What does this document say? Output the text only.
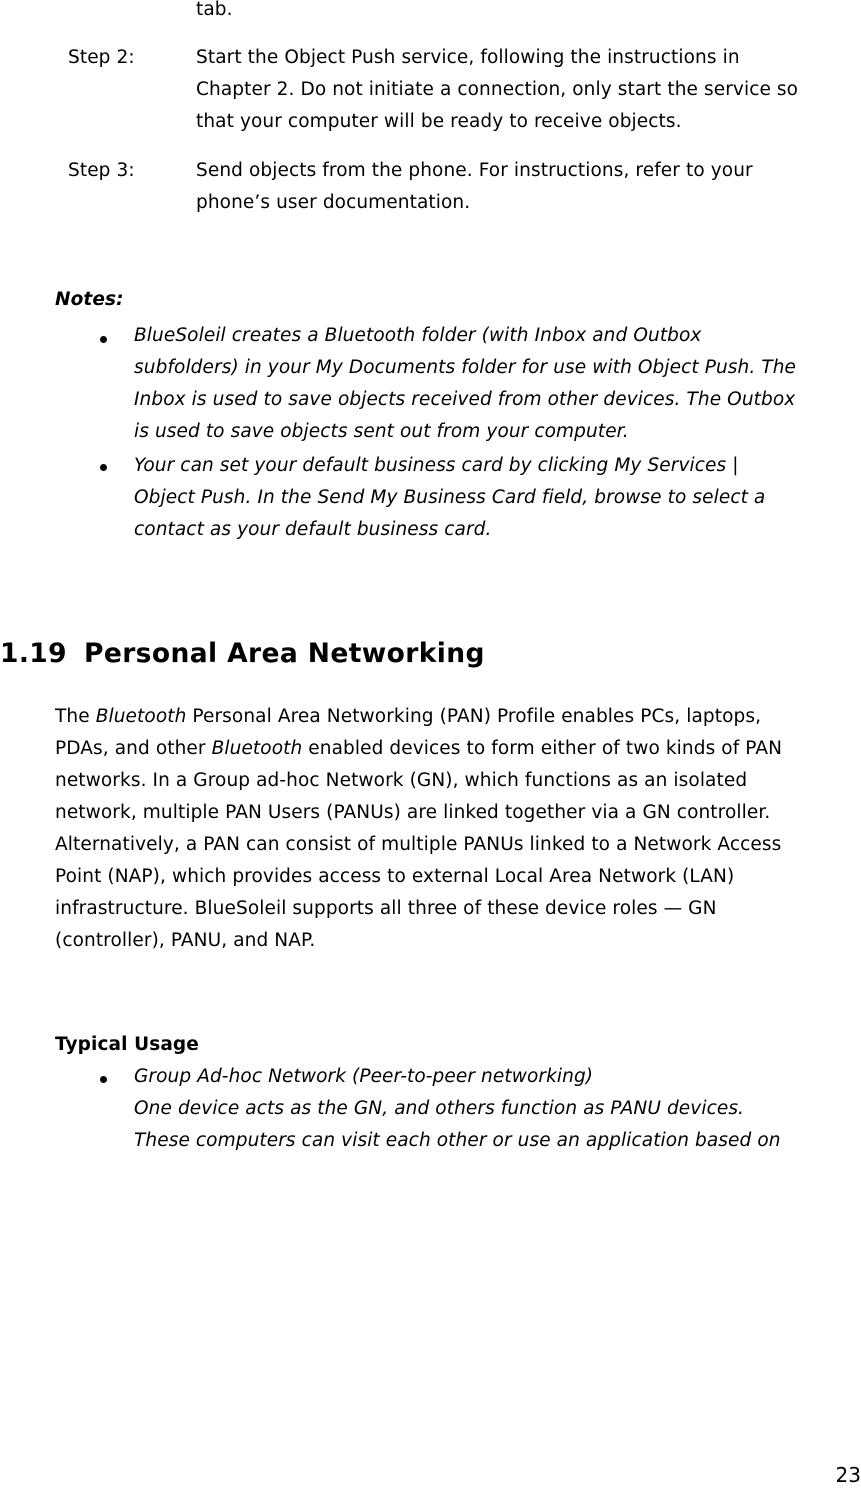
tab.
Step 2:	Start the Object Push service, following the instructions in
Chapter 2. Do not initiate a connection, only start the service so
that your computer will be ready to receive objects.
Step 3:	Send objects from the phone. For instructions, refer to your
phone’s user documentation.
Notes:
BlueSoleil creates a Bluetooth folder (with Inbox and Outbox
subfolders) in your My Documents folder for use with Object Push. The
Inbox is used to save objects received from other devices. The Outbox
is used to save objects sent out from your computer.
Your can set your default business card by clicking My Services |
Object Push. In the Send My Business Card field, browse to select a
contact as your default business card.
1.19 Personal Area Networking
The Bluetooth Personal Area Networking (PAN) Profile enables PCs, laptops,
PDAs, and other Bluetooth enabled devices to form either of two kinds of PAN
networks. In a Group ad-hoc Network (GN), which functions as an isolated
network, multiple PAN Users (PANUs) are linked together via a GN controller.
Alternatively, a PAN can consist of multiple PANUs linked to a Network Access
Point (NAP), which provides access to external Local Area Network (LAN)
infrastructure. BlueSoleil supports all three of these device roles — GN
(controller), PANU, and NAP.
Typical Usage
Group Ad-hoc Network (Peer-to-peer networking)
One device acts as the GN, and others function as PANU devices.
These computers can visit each other or use an application based on
23
